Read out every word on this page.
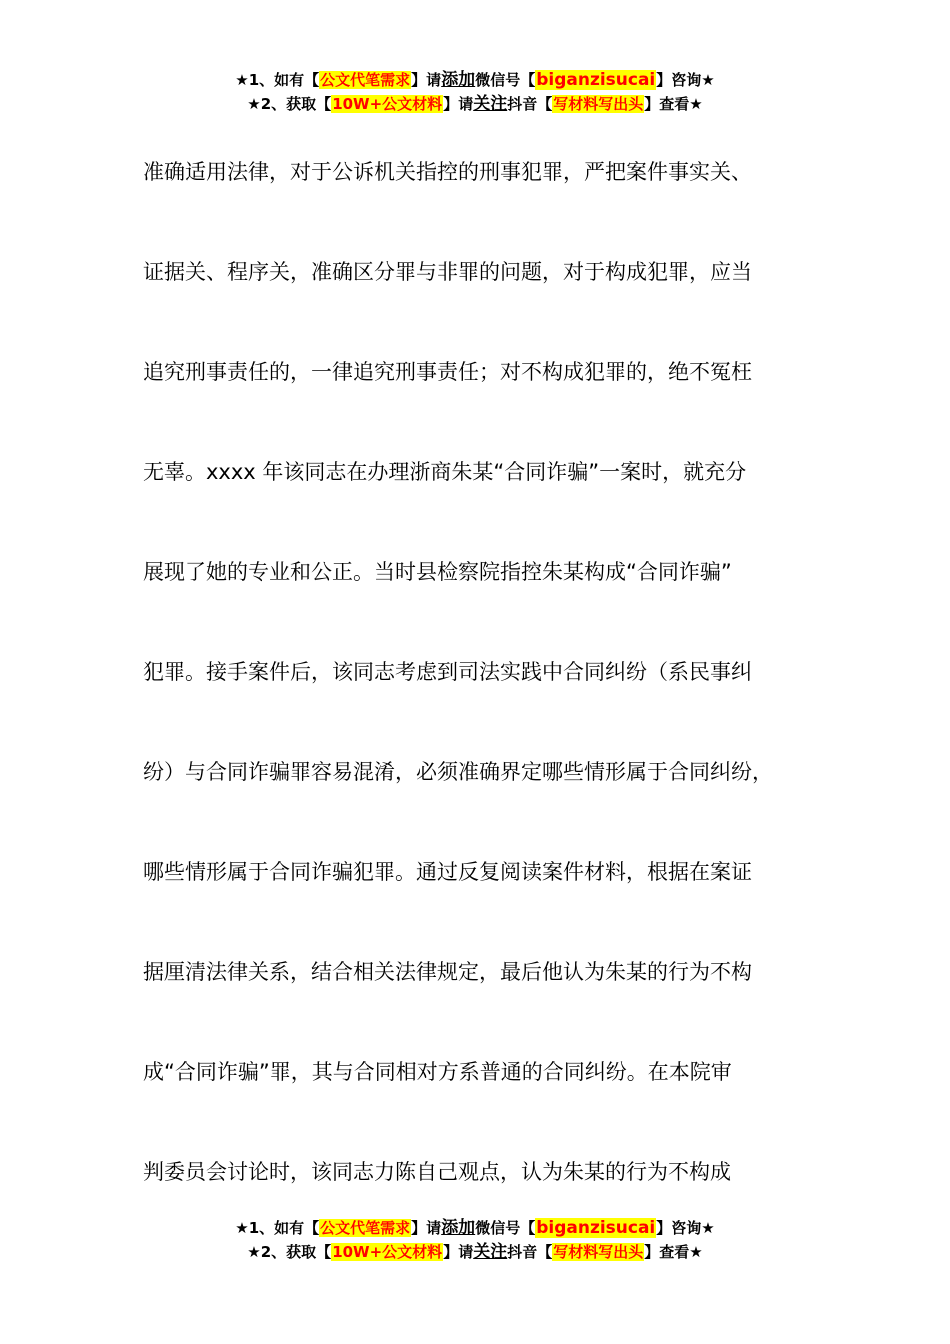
★1、如有【公文代笔需求】请添加微信号【biganzisucai】咨询★
★2、获取【10W+公文材料】请关注抖音【写材料写出头】查看★
准确适用法律，对于公诉机关指控的刑事犯罪，严把案件事实关、
证据关、程序关，准确区分罪与非罪的问题，对于构成犯罪，应当
追究刑事责任的，一律追究刑事责任；对不构成犯罪的，绝不冤枉
无辜。xxxx 年该同志在办理浙商朱某“合同诈骗”一案时，就充分
展现了她的专业和公正。当时县检察院指控朱某构成“合同诈骗”
犯罪。接手案件后，该同志考虑到司法实践中合同纠纷（系民事纠
纷）与合同诈骗罪容易混淆，必须准确界定哪些情形属于合同纠纷，
哪些情形属于合同诈骗犯罪。通过反复阅读案件材料，根据在案证
据厘清法律关系，结合相关法律规定，最后他认为朱某的行为不构
成“合同诈骗”罪，其与合同相对方系普通的合同纠纷。在本院审
判委员会讨论时，该同志力陈自己观点，认为朱某的行为不构成
★1、如有【公文代笔需求】请添加微信号【biganzisucai】咨询★
★2、获取【10W+公文材料】请关注抖音【写材料写出头】查看★
